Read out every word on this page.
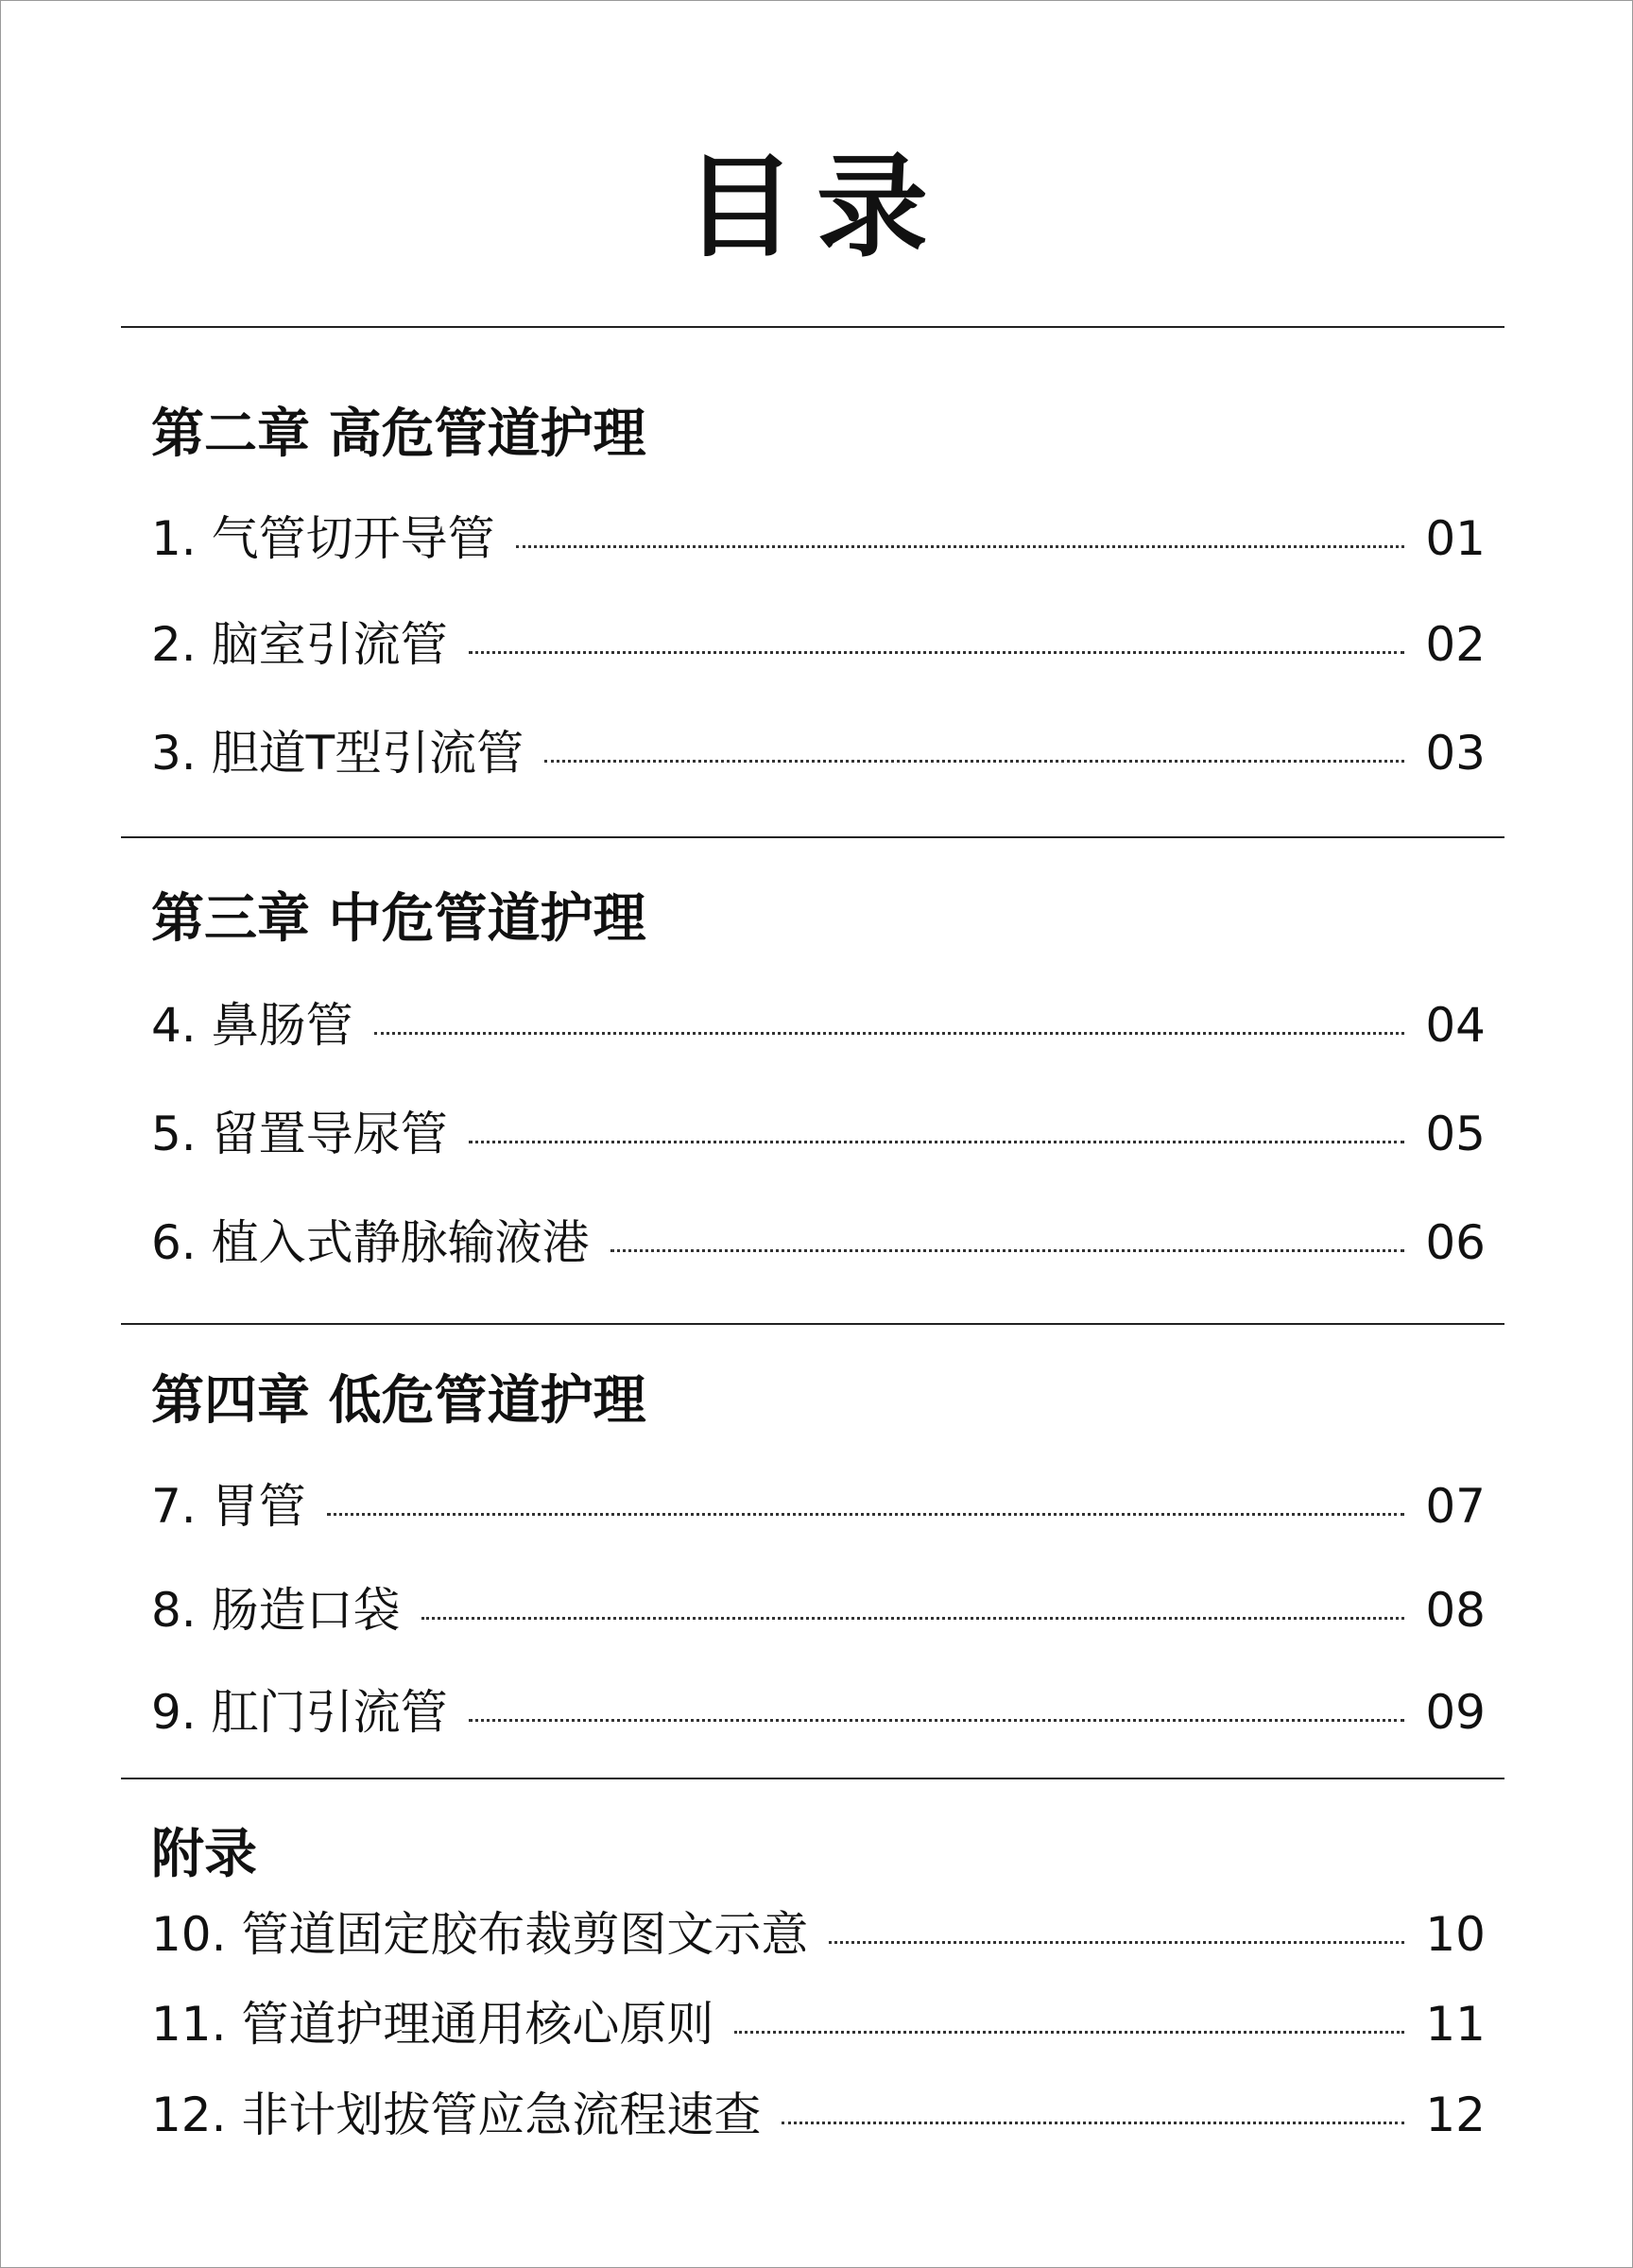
目录
第二章 高危管道护理
1. 气管切开导管	01
2. 脑室引流管	02
3. 胆道T型引流管	03
第三章 中危管道护理
4. 鼻肠管	04
5. 留置导尿管	05
6. 植入式静脉输液港	06
第四章 低危管道护理
7. 胃管	07
8. 肠造口袋	08
9. 肛门引流管	09
附录
10. 管道固定胶布裁剪图文示意	10
11. 管道护理通用核心原则	11
12. 非计划拔管应急流程速查	12
